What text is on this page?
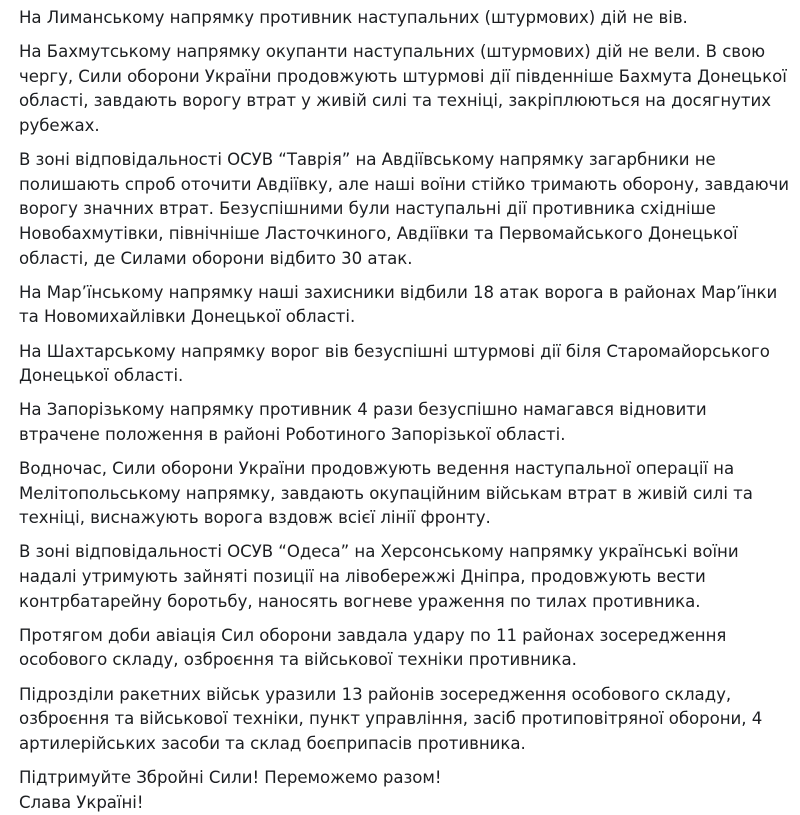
На Лиманському напрямку противник наступальних (штурмових) дій не вів.

На Бахмутському напрямку окупанти наступальних (штурмових) дій не вели. В свою чергу, Сили оборони України продовжують штурмові дії південніше Бахмута Донецької області, завдають ворогу втрат у живій силі та техніці, закріплюються на досягнутих рубежах.

В зоні відповідальності ОСУВ “Таврія” на Авдіївському напрямку загарбники не полишають спроб оточити Авдіївку, але наші воїни стійко тримають оборону, завдаючи ворогу значних втрат. Безуспішними були наступальні дії противника східніше Новобахмутівки, північніше Ласточкиного, Авдіївки та Первомайського Донецької області, де Силами оборони відбито 30 атак.

На Мар’їнському напрямку наші захисники відбили 18 атак ворога в районах Мар’їнки та Новомихайлівки Донецької області.

На Шахтарському напрямку ворог вів безуспішні штурмові дії біля Старомайорського Донецької області.

На Запорізькому напрямку противник 4 рази безуспішно намагався відновити втрачене положення в районі Роботиного Запорізької області.

Водночас, Сили оборони України продовжують ведення наступальної операції на Мелітопольському напрямку, завдають окупаційним військам втрат в живій силі та техніці, виснажують ворога вздовж всієї лінії фронту.

В зоні відповідальності ОСУВ “Одеса” на Херсонському напрямку українські воїни надалі утримують зайняті позиції на лівобережжі Дніпра, продовжують вести контрбатарейну боротьбу, наносять вогневе ураження по тилах противника.

Протягом доби авіація Сил оборони завдала удару по 11 районах зосередження особового складу, озброєння та військової техніки противника.

Підрозділи ракетних військ уразили 13 районів зосередження особового складу, озброєння та військової техніки, пункт управління, засіб протиповітряної оборони, 4 артилерійських засоби та склад боєприпасів противника.

Підтримуйте Збройні Сили! Переможемо разом!
Слава Україні!
